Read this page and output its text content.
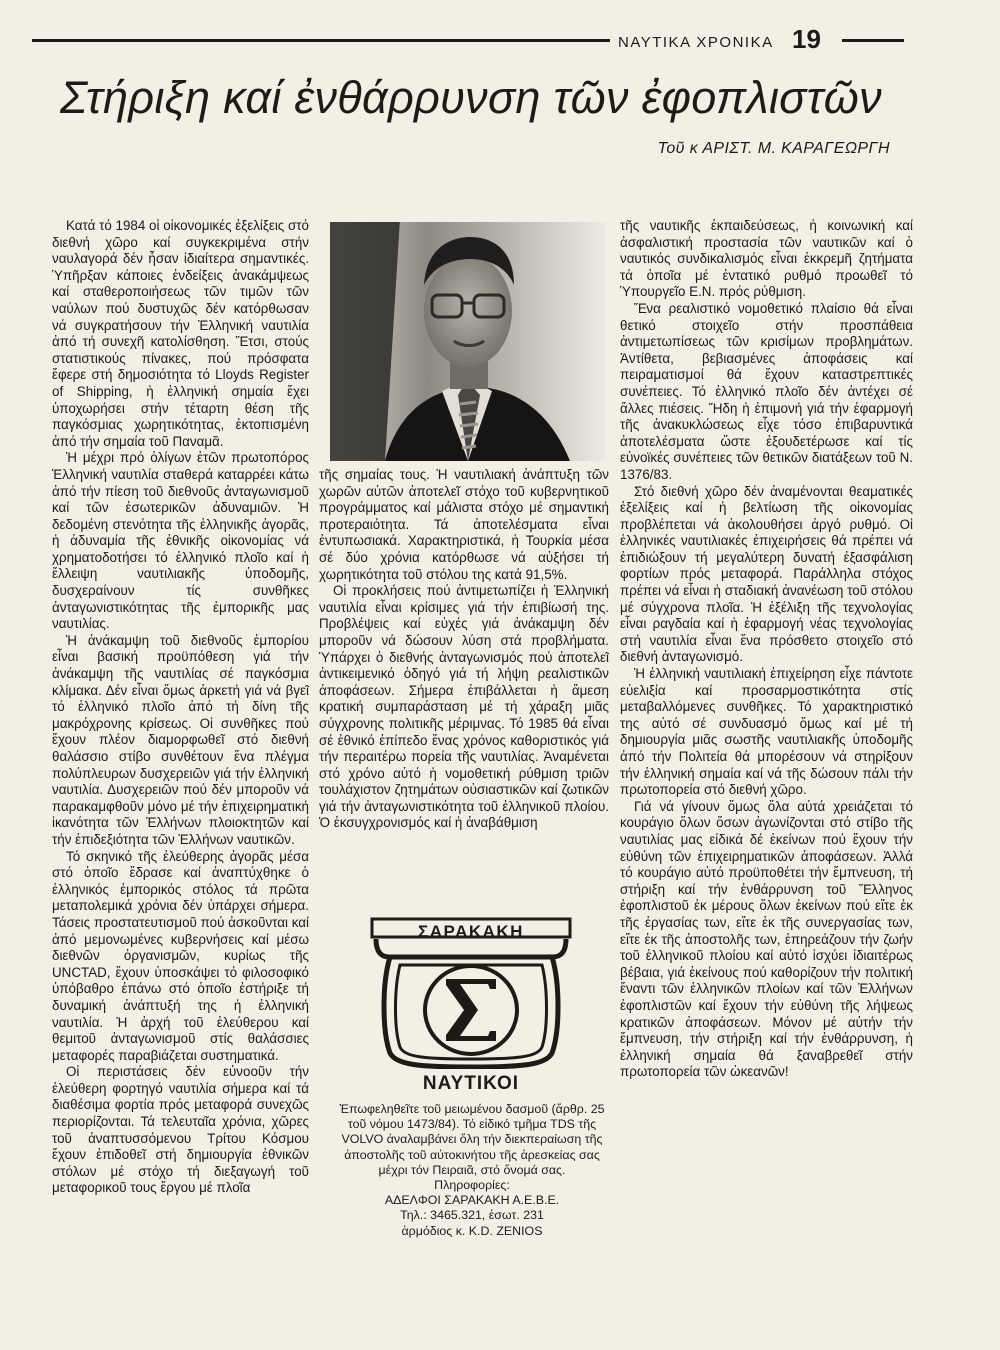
ΝΑΥΤΙΚΑ ΧΡΟΝΙΚΑ 19
Στήριξη καί ἐνθάρρυνση τῶν ἐφοπλιστῶν
Τοῦ κ ΑΡΙΣΤ. Μ. ΚΑΡΑΓΕΩΡΓΗ

Κατά τό 1984 οἱ οἰκονομικές ἐξελίξεις στό διεθνή χῶρο καί συγκεκριμένα στήν ναυλαγορά δέν ἦσαν ἰδιαίτερα σημαντικές. Ὑπῆρξαν κάποιες ἐνδείξεις ἀνακάμψεως καί σταθεροποιήσεως τῶν τιμῶν τῶν ναύλων πού δυστυχῶς δέν κατόρθωσαν νά συγκρατήσουν τήν Ἑλληνική ναυτιλία ἀπό τή συνεχῆ κατολίσθηση. Ἔτσι, στούς στατιστικούς πίνακες, πού πρόσφατα ἔφερε στή δημοσιότητα τό Lloyds Register of Shipping, ἡ ἑλληνική σημαία ἔχει ὑποχωρήσει στήν τέταρτη θέση τῆς παγκόσμιας χωρητικότητας, ἐκτοπισμένη ἀπό τήν σημαία τοῦ Παναμᾶ.

Ἡ μέχρι πρό ὀλίγων ἐτῶν πρωτοπόρος Ἑλληνική ναυτιλία σταθερά καταρρέει κάτω ἀπό τήν πίεση τοῦ διεθνοῦς ἀνταγωνισμοῦ καί τῶν ἐσωτερικῶν ἀδυναμιῶν. Ἡ δεδομένη στενότητα τῆς ἑλληνικῆς ἀγορᾶς, ἡ ἀδυναμία τῆς ἐθνικῆς οἰκονομίας νά χρηματοδοτήσει τό ἑλληνικό πλοῖο καί ἡ ἔλλειψη ναυτιλιακῆς ὑποδομῆς, δυσχεραίνουν τίς συνθῆκες ἀνταγωνιστικότητας τῆς ἐμπορικῆς μας ναυτιλίας.

Ἡ ἀνάκαμψη τοῦ διεθνοῦς ἐμπορίου εἶναι βασική προϋπόθεση γιά τήν ἀνάκαμψη τῆς ναυτιλίας σέ παγκόσμια κλίμακα. Δέν εἶναι ὅμως ἀρκετή γιά νά βγεῖ τό ἑλληνικό πλοῖο ἀπό τή δίνη τῆς μακρόχρονης κρίσεως. Οἱ συνθῆκες πού ἔχουν πλέον διαμορφωθεῖ στό διεθνή θαλάσσιο στίβο συνθέτουν ἕνα πλέγμα πολύπλευρων δυσχερειῶν γιά τήν ἑλληνική ναυτιλία. Δυσχερειῶν πού δέν μποροῦν νά παρακαμφθοῦν μόνο μέ τήν ἐπιχειρηματική ἱκανότητα τῶν Ἑλλήνων πλοιοκτητῶν καί τήν ἐπιδεξιότητα τῶν Ἑλλήνων ναυτικῶν.

Τό σκηνικό τῆς ἐλεύθερης ἀγορᾶς μέσα στό ὁποῖο ἔδρασε καί ἀναπτύχθηκε ὁ ἑλληνικός ἐμπορικός στόλος τά πρῶτα μεταπολεμικά χρόνια δέν ὑπάρχει σήμερα. Τάσεις προστατευτισμοῦ πού ἀσκοῦνται καί ἀπό μεμονωμένες κυβερνήσεις καί μέσω διεθνῶν ὀργανισμῶν, κυρίως τῆς UNCTAD, ἔχουν ὑποσκάψει τό φιλοσοφικό ὑπόβαθρο ἐπάνω στό ὁποῖο ἐστήριξε τή δυναμική ἀνάπτυξή της ἡ ἑλληνική ναυτιλία. Ἡ ἀρχή τοῦ ἐλεύθερου καί θεμιτοῦ ἀνταγωνισμοῦ στίς θαλάσσιες μεταφορές παραβιάζεται συστηματικά.

Οἱ περιστάσεις δέν εὐνοοῦν τήν ἐλεύθερη φορτηγό ναυτιλία σήμερα καί τά διαθέσιμα φορτία πρός μεταφορά συνεχῶς περιορίζονται. Τά τελευταῖα χρόνια, χῶρες τοῦ ἀναπτυσσόμενου Τρίτου Κόσμου ἔχουν ἐπιδοθεῖ στή δημιουργία ἐθνικῶν στόλων μέ στόχο τή διεξαγωγή τοῦ μεταφορικοῦ τους ἔργου μέ πλοῖα

τῆς σημαίας τους. Ἡ ναυτιλιακή ἀνάπτυξη τῶν χωρῶν αὐτῶν ἀποτελεῖ στόχο τοῦ κυβερνητικοῦ προγράμματος καί μάλιστα στόχο μέ σημαντική προτεραιότητα. Τά ἀποτελέσματα εἶναι ἐντυπωσιακά. Χαρακτηριστικά, ἡ Τουρκία μέσα σέ δύο χρόνια κατόρθωσε νά αὐξήσει τή χωρητικότητα τοῦ στόλου της κατά 91,5%.

Οἱ προκλήσεις πού ἀντιμετωπίζει ἡ Ἑλληνική ναυτιλία εἶναι κρίσιμες γιά τήν ἐπιβίωσή της. Προβλέψεις καί εὐχές γιά ἀνάκαμψη δέν μποροῦν νά δώσουν λύση στά προβλήματα. Ὑπάρχει ὁ διεθνής ἀνταγωνισμός πού ἀποτελεῖ ἀντικειμενικό ὁδηγό γιά τή λήψη ρεαλιστικῶν ἀποφάσεων. Σήμερα ἐπιβάλλεται ἡ ἄμεση κρατική συμπαράσταση μέ τή χάραξη μιᾶς σύγχρονης πολιτικῆς μέριμνας. Τό 1985 θά εἶναι σέ ἐθνικό ἐπίπεδο ἕνας χρόνος καθοριστικός γιά τήν περαιτέρω πορεία τῆς ναυτιλίας. Ἀναμένεται στό χρόνο αὐτό ἡ νομοθετική ρύθμιση τριῶν τουλάχιστον ζητημάτων οὐσιαστικῶν καί ζωτικῶν γιά τήν ἀνταγωνιστικότητα τοῦ ἑλληνικοῦ πλοίου. Ὁ ἐκσυγχρονισμός καί ἡ ἀναβάθμιση

ΣΑΡΑΚΑΚΗ
ΝΑΥΤΙΚΟΙ

Ἐπωφεληθεῖτε τοῦ μειωμένου δασμοῦ (ἄρθρ. 25 τοῦ νόμου 1473/84). Τό εἰδικό τμῆμα TDS τῆς VOLVO ἀναλαμβάνει ὅλη τήν διεκπεραίωση τῆς ἀποστολῆς τοῦ αὐτοκινήτου τῆς ἀρεσκείας σας μέχρι τόν Πειραιᾶ, στό ὄνομά σας.

Πληροφορίες:

ΑΔΕΛΦΟΙ ΣΑΡΑΚΑΚΗ Α.Ε.Β.Ε.

Τηλ.: 3465.321, ἐσωτ. 231

ἁρμόδιος κ. K.D. ZENIOS

τῆς ναυτικῆς ἐκπαιδεύσεως, ἡ κοινωνική καί ἀσφαλιστική προστασία τῶν ναυτικῶν καί ὁ ναυτικός συνδικαλισμός εἶναι ἐκκρεμῆ ζητήματα τά ὁποῖα μέ ἐντατικό ρυθμό προωθεῖ τό Ὑπουργεῖο Ε.Ν. πρός ρύθμιση.

Ἕνα ρεαλιστικό νομοθετικό πλαίσιο θά εἶναι θετικό στοιχεῖο στήν προσπάθεια ἀντιμετωπίσεως τῶν κρισίμων προβλημάτων. Ἀντίθετα, βεβιασμένες ἀποφάσεις καί πειραματισμοί θά ἔχουν καταστρεπτικές συνέπειες. Τό ἑλληνικό πλοῖο δέν ἀντέχει σέ ἄλλες πιέσεις. Ἤδη ἡ ἐπιμονή γιά τήν ἐφαρμογή τῆς ἀνακυκλώσεως εἶχε τόσο ἐπιβαρυντικά ἀποτελέσματα ὥστε ἐξουδετέρωσε καί τίς εὐνοϊκές συνέπειες τῶν θετικῶν διατάξεων τοῦ Ν. 1376/83.

Στό διεθνή χῶρο δέν ἀναμένονται θεαματικές ἐξελίξεις καί ἡ βελτίωση τῆς οἰκονομίας προβλέπεται νά ἀκολουθήσει ἀργό ρυθμό. Οἱ ἑλληνικές ναυτιλιακές ἐπιχειρήσεις θά πρέπει νά ἐπιδιώξουν τή μεγαλύτερη δυνατή ἐξασφάλιση φορτίων πρός μεταφορά. Παράλληλα στόχος πρέπει νά εἶναι ἡ σταδιακή ἀνανέωση τοῦ στόλου μέ σύγχρονα πλοῖα. Ἡ ἐξέλιξη τῆς τεχνολογίας εἶναι ραγδαία καί ἡ ἐφαρμογή νέας τεχνολογίας στή ναυτιλία εἶναι ἕνα πρόσθετο στοιχεῖο στό διεθνή ἀνταγωνισμό.

Ἡ ἑλληνική ναυτιλιακή ἐπιχείρηση εἶχε πάντοτε εὐελιξία καί προσαρμοστικότητα στίς μεταβαλλόμενες συνθῆκες. Τό χαρακτηριστικό της αὐτό σέ συνδυασμό ὅμως καί μέ τή δημιουργία μιᾶς σωστῆς ναυτιλιακῆς ὑποδομῆς ἀπό τήν Πολιτεία θά μπορέσουν νά στηρίξουν τήν ἑλληνική σημαία καί νά τῆς δώσουν πάλι τήν πρωτοπορεία στό διεθνή χῶρο.

Γιά νά γίνουν ὅμως ὅλα αὐτά χρειάζεται τό κουράγιο ὅλων ὅσων ἀγωνίζονται στό στίβο τῆς ναυτιλίας μας εἰδικά δέ ἐκείνων πού ἔχουν τήν εὐθύνη τῶν ἐπιχειρηματικῶν ἀποφάσεων. Ἀλλά τό κουράγιο αὐτό προϋποθέτει τήν ἔμπνευση, τή στήριξη καί τήν ἐνθάρρυνση τοῦ Ἕλληνος ἐφοπλιστοῦ ἐκ μέρους ὅλων ἐκείνων πού εἴτε ἐκ τῆς ἐργασίας των, εἴτε ἐκ τῆς συνεργασίας των, εἴτε ἐκ τῆς ἀποστολῆς των, ἐπηρεάζουν τήν ζωήν τοῦ ἑλληνικοῦ πλοίου καί αὐτό ἰσχύει ἰδιαιτέρως βέβαια, γιά ἐκείνους πού καθορίζουν τήν πολιτική ἔναντι τῶν ἑλληνικῶν πλοίων καί τῶν Ἑλλήνων ἐφοπλιστῶν καί ἔχουν τήν εὐθύνη τῆς λήψεως κρατικῶν ἀποφάσεων. Μόνον μέ αὐτήν τήν ἔμπνευση, τήν στήριξη καί τήν ἐνθάρρυνση, ἡ ἑλληνική σημαία θά ξαναβρεθεῖ στήν πρωτοπορεία τῶν ὠκεανῶν!
